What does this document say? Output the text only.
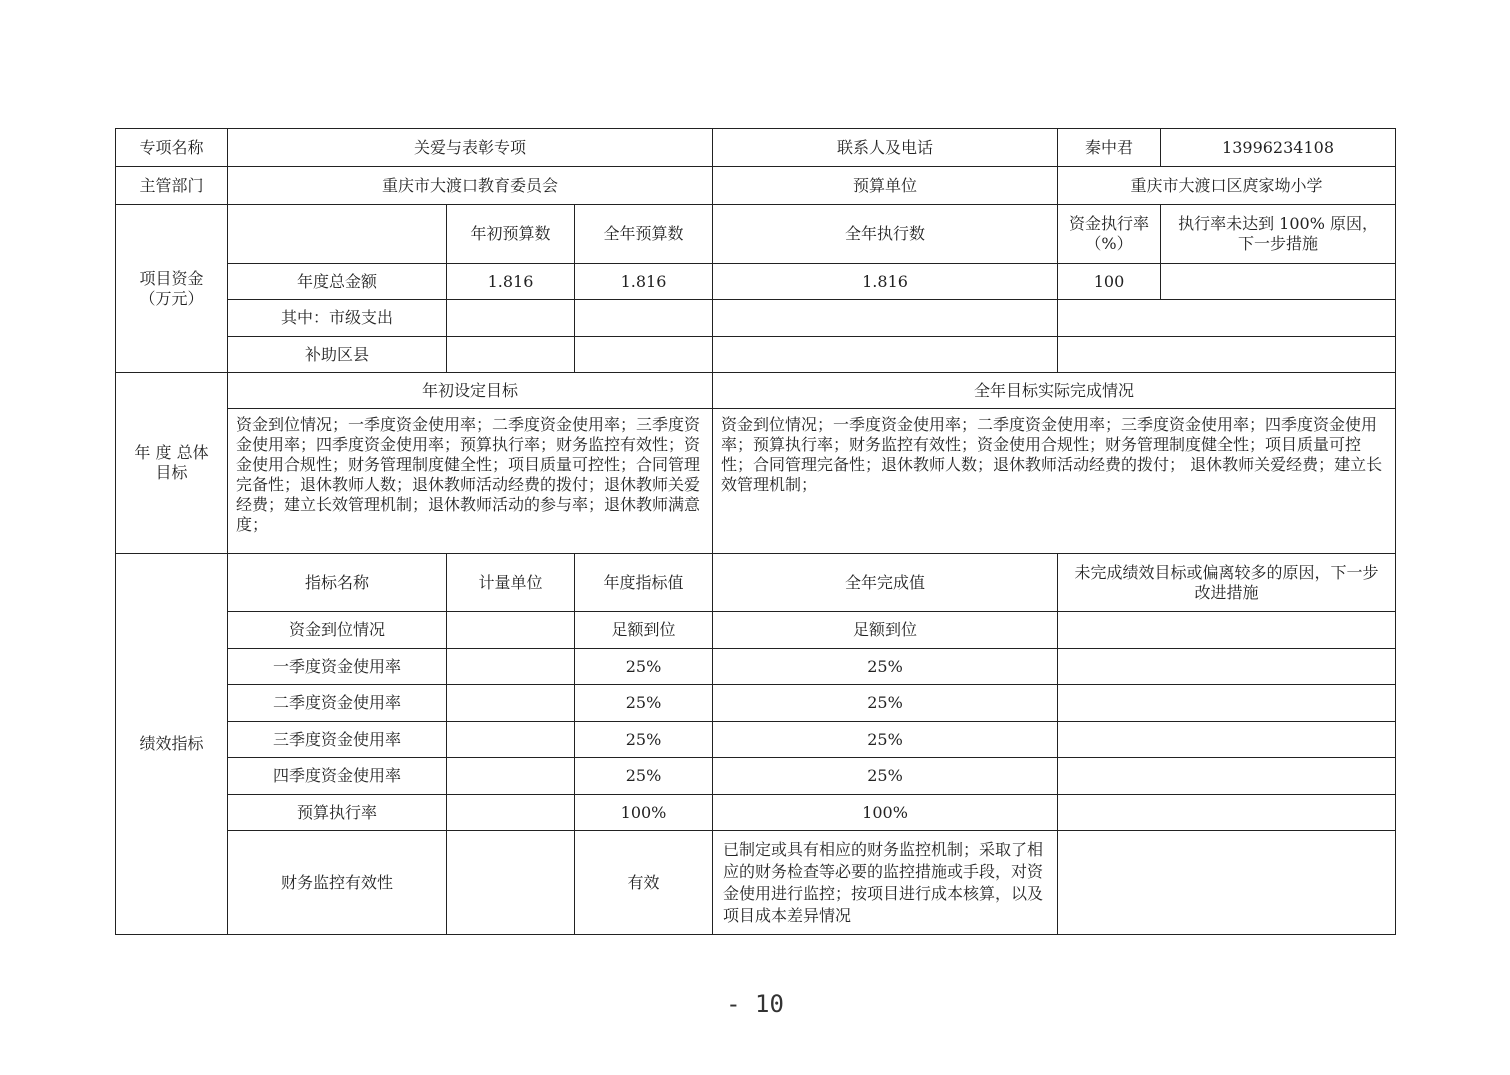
专项名称	关爱与表彰专项			联系人及电话	秦中君	13996234108
主管部门	重庆市大渡口教育委员会			预算单位	重庆市大渡口区庹家坳小学	
项目资金（万元）		年初预算数	全年预算数	全年执行数	资金执行率（%）	执行率未达到 100% 原因，下一步措施
	年度总金额	1.816	1.816	1.816	100	
	其中：市级支出					
	补助区县					
年 度 总体目标	年初设定目标			全年目标实际完成情况		
	资金到位情况；一季度资金使用率；二季度资金使用率；三季度资金使用率；四季度资金使用率；预算执行率；财务监控有效性；资金使用合规性；财务管理制度健全性；项目质量可控性；合同管理完备性；退休教师人数；退休教师活动经费的拨付；退休教师关爱经费；建立长效管理机制；退休教师活动的参与率；退休教师满意度；			资金到位情况；一季度资金使用率；二季度资金使用率；三季度资金使用率；四季度资金使用率；预算执行率；财务监控有效性；资金使用合规性；财务管理制度健全性；项目质量可控性；合同管理完备性；退休教师人数；退休教师活动经费的拨付； 退休教师关爱经费；建立长效管理机制；		
绩效指标	指标名称	计量单位	年度指标值	全年完成值	未完成绩效目标或偏离较多的原因，下一步改进措施	
	资金到位情况		足额到位	足额到位		
	一季度资金使用率		25%	25%		
	二季度资金使用率		25%	25%		
	三季度资金使用率		25%	25%		
	四季度资金使用率		25%	25%		
	预算执行率		100%	100%		
	财务监控有效性		有效	已制定或具有相应的财务监控机制；采取了相应的财务检查等必要的监控措施或手段，对资金使用进行监控；按项目进行成本核算，以及项目成本差异情况		
- 10
